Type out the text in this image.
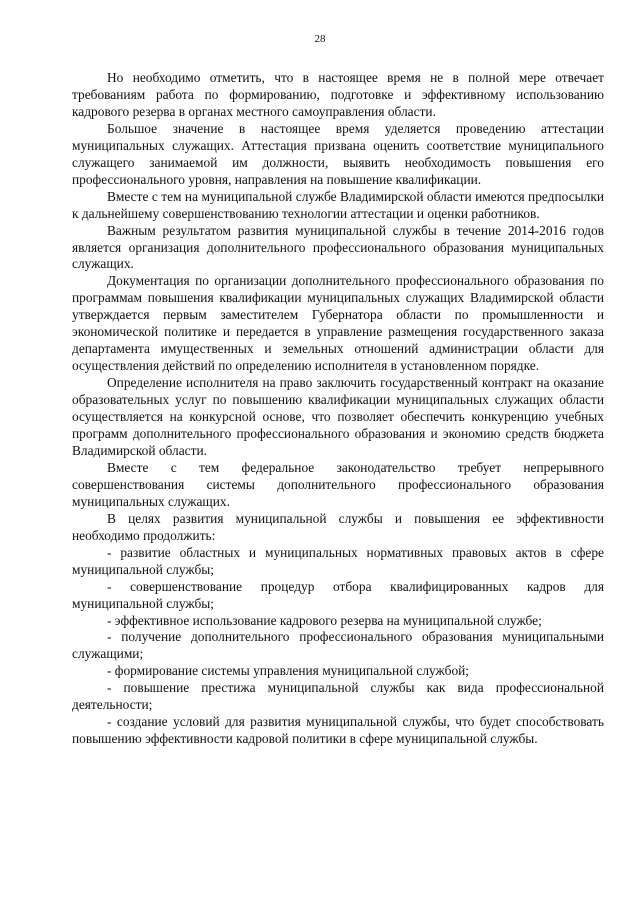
28

Но необходимо отметить, что в настоящее время не в полной мере отвечает требованиям работа по формированию, подготовке и эффективному использованию кадрового резерва в органах местного самоуправления области.

Большое значение в настоящее время уделяется проведению аттестации муниципальных служащих. Аттестация призвана оценить соответствие муниципального служащего занимаемой им должности, выявить необходимость повышения его профессионального уровня, направления на повышение квалификации.

Вместе с тем на муниципальной службе Владимирской области имеются предпосылки к дальнейшему совершенствованию технологии аттестации и оценки работников.

Важным результатом развития муниципальной службы в течение 2014-2016 годов является организация дополнительного профессионального образования муниципальных служащих.

Документация по организации дополнительного профессионального образования по программам повышения квалификации муниципальных служащих Владимирской области утверждается первым заместителем Губернатора области по промышленности и экономической политике и передается в управление размещения государственного заказа департамента имущественных и земельных отношений администрации области для осуществления действий по определению исполнителя в установленном порядке.

Определение исполнителя на право заключить государственный контракт на оказание образовательных услуг по повышению квалификации муниципальных служащих области осуществляется на конкурсной основе, что позволяет обеспечить конкуренцию учебных программ дополнительного профессионального образования и экономию средств бюджета Владимирской области.

Вместе с тем федеральное законодательство требует непрерывного совершенствования системы дополнительного профессионального образования муниципальных служащих.

В целях развития муниципальной службы и повышения ее эффективности необходимо продолжить:

- развитие областных и муниципальных нормативных правовых актов в сфере муниципальной службы;

- совершенствование процедур отбора квалифицированных кадров для муниципальной службы;

- эффективное использование кадрового резерва на муниципальной службе;

- получение дополнительного профессионального образования муниципальными служащими;

- формирование системы управления муниципальной службой;

- повышение престижа муниципальной службы как вида профессиональной деятельности;

- создание условий для развития муниципальной службы, что будет способствовать повышению эффективности кадровой политики в сфере муниципальной службы.
